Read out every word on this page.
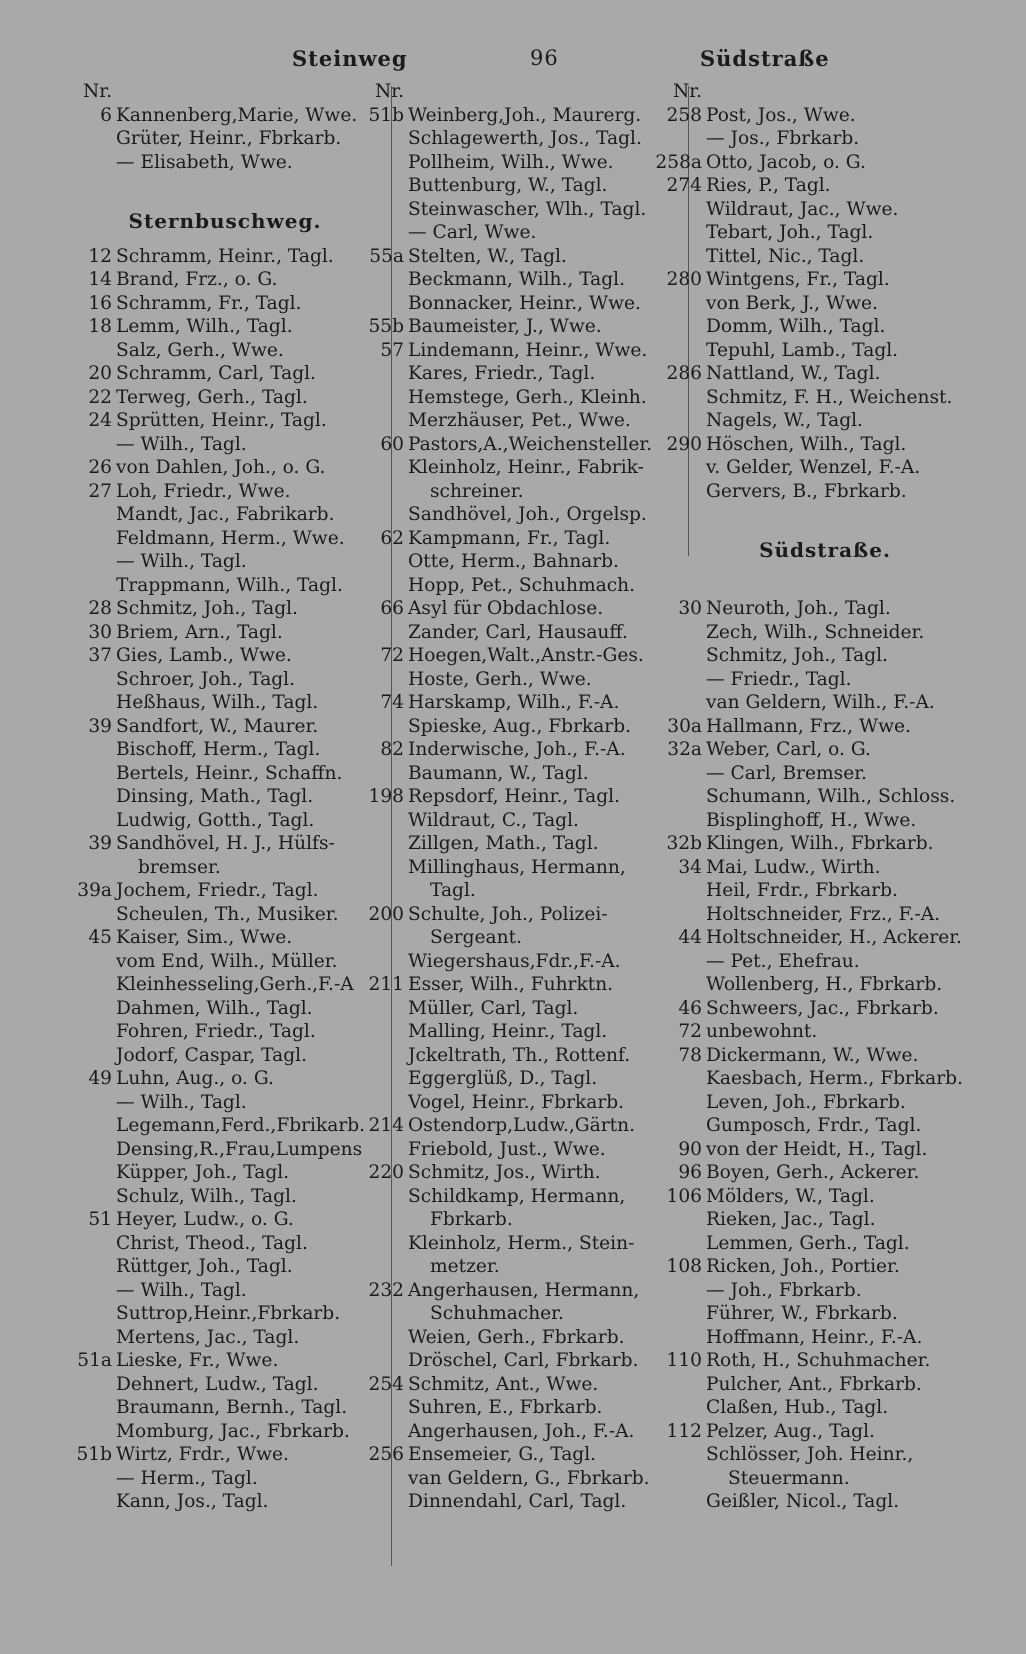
Steinweg	96	Südstraße
Nr.
6 Kannenberg,Marie, Wwe.
Grüter, Heinr., Fbrkarb.
— Elisabeth, Wwe.
Sternbuschweg.
12 Schramm, Heinr., Tagl.
14 Brand, Frz., o. G.
16 Schramm, Fr., Tagl.
18 Lemm, Wilh., Tagl.
Salz, Gerh., Wwe.
20 Schramm, Carl, Tagl.
22 Terweg, Gerh., Tagl.
24 Sprütten, Heinr., Tagl.
— Wilh., Tagl.
26 von Dahlen, Joh., o. G.
27 Loh, Friedr., Wwe.
Mandt, Jac., Fabrikarb.
Feldmann, Herm., Wwe.
— Wilh., Tagl.
Trappmann, Wilh., Tagl.
28 Schmitz, Joh., Tagl.
30 Briem, Arn., Tagl.
37 Gies, Lamb., Wwe.
Schroer, Joh., Tagl.
Heßhaus, Wilh., Tagl.
39 Sandfort, W., Maurer.
Bischoff, Herm., Tagl.
Bertels, Heinr., Schaffn.
Dinsing, Math., Tagl.
Ludwig, Gotth., Tagl.
39 Sandhövel, H. J., Hülfs-
bremser.
39a Jochem, Friedr., Tagl.
Scheulen, Th., Musiker.
45 Kaiser, Sim., Wwe.
vom End, Wilh., Müller.
Kleinhesseling,Gerh.,F.-A
Dahmen, Wilh., Tagl.
Fohren, Friedr., Tagl.
Jodorf, Caspar, Tagl.
49 Luhn, Aug., o. G.
— Wilh., Tagl.
Legemann,Ferd.,Fbrikarb.
Densing,R.,Frau,Lumpens
Küpper, Joh., Tagl.
Schulz, Wilh., Tagl.
51 Heyer, Ludw., o. G.
Christ, Theod., Tagl.
Rüttger, Joh., Tagl.
— Wilh., Tagl.
Suttrop,Heinr.,Fbrkarb.
Mertens, Jac., Tagl.
51a Lieske, Fr., Wwe.
Dehnert, Ludw., Tagl.
Braumann, Bernh., Tagl.
Momburg, Jac., Fbrkarb.
51b Wirtz, Frdr., Wwe.
— Herm., Tagl.
Kann, Jos., Tagl.
Nr.
51b Weinberg,Joh., Maurerg.
Schlagewerth, Jos., Tagl.
Pollheim, Wilh., Wwe.
Buttenburg, W., Tagl.
Steinwascher, Wlh., Tagl.
— Carl, Wwe.
55a Stelten, W., Tagl.
Beckmann, Wilh., Tagl.
Bonnacker, Heinr., Wwe.
55b Baumeister, J., Wwe.
57 Lindemann, Heinr., Wwe.
Kares, Friedr., Tagl.
Hemstege, Gerh., Kleinh.
Merzhäuser, Pet., Wwe.
60 Pastors,A.,Weichensteller.
Kleinholz, Heinr., Fabrik-
schreiner.
Sandhövel, Joh., Orgelsp.
62 Kampmann, Fr., Tagl.
Otte, Herm., Bahnarb.
Hopp, Pet., Schuhmach.
66 Asyl für Obdachlose.
Zander, Carl, Hausauff.
72 Hoegen,Walt.,Anstr.-Ges.
Hoste, Gerh., Wwe.
74 Harskamp, Wilh., F.-A.
Spieske, Aug., Fbrkarb.
82 Inderwische, Joh., F.-A.
Baumann, W., Tagl.
198 Repsdorf, Heinr., Tagl.
Wildraut, C., Tagl.
Zillgen, Math., Tagl.
Millinghaus, Hermann,
Tagl.
200 Schulte, Joh., Polizei-
Sergeant.
Wiegershaus,Fdr.,F.-A.
211 Esser, Wilh., Fuhrktn.
Müller, Carl, Tagl.
Malling, Heinr., Tagl.
Jckeltrath, Th., Rottenf.
Eggerglüß, D., Tagl.
Vogel, Heinr., Fbrkarb.
214 Ostendorp,Ludw.,Gärtn.
Friebold, Just., Wwe.
220 Schmitz, Jos., Wirth.
Schildkamp, Hermann,
Fbrkarb.
Kleinholz, Herm., Stein-
metzer.
232 Angerhausen, Hermann,
Schuhmacher.
Weien, Gerh., Fbrkarb.
Dröschel, Carl, Fbrkarb.
254 Schmitz, Ant., Wwe.
Suhren, E., Fbrkarb.
Angerhausen, Joh., F.-A.
256 Ensemeier, G., Tagl.
van Geldern, G., Fbrkarb.
Dinnendahl, Carl, Tagl.
Nr.
258 Post, Jos., Wwe.
— Jos., Fbrkarb.
258a Otto, Jacob, o. G.
274 Ries, P., Tagl.
Wildraut, Jac., Wwe.
Tebart, Joh., Tagl.
Tittel, Nic., Tagl.
280 Wintgens, Fr., Tagl.
von Berk, J., Wwe.
Domm, Wilh., Tagl.
Tepuhl, Lamb., Tagl.
286 Nattland, W., Tagl.
Schmitz, F. H., Weichenst.
Nagels, W., Tagl.
290 Höschen, Wilh., Tagl.
v. Gelder, Wenzel, F.-A.
Gervers, B., Fbrkarb.
Südstraße.
30 Neuroth, Joh., Tagl.
Zech, Wilh., Schneider.
Schmitz, Joh., Tagl.
— Friedr., Tagl.
van Geldern, Wilh., F.-A.
30a Hallmann, Frz., Wwe.
32a Weber, Carl, o. G.
— Carl, Bremser.
Schumann, Wilh., Schloss.
Bisplinghoff, H., Wwe.
32b Klingen, Wilh., Fbrkarb.
34 Mai, Ludw., Wirth.
Heil, Frdr., Fbrkarb.
Holtschneider, Frz., F.-A.
44 Holtschneider, H., Ackerer.
— Pet., Ehefrau.
Wollenberg, H., Fbrkarb.
46 Schweers, Jac., Fbrkarb.
72 unbewohnt.
78 Dickermann, W., Wwe.
Kaesbach, Herm., Fbrkarb.
Leven, Joh., Fbrkarb.
Gumposch, Frdr., Tagl.
90 von der Heidt, H., Tagl.
96 Boyen, Gerh., Ackerer.
106 Mölders, W., Tagl.
Rieken, Jac., Tagl.
Lemmen, Gerh., Tagl.
108 Ricken, Joh., Portier.
— Joh., Fbrkarb.
Führer, W., Fbrkarb.
Hoffmann, Heinr., F.-A.
110 Roth, H., Schuhmacher.
Pulcher, Ant., Fbrkarb.
Claßen, Hub., Tagl.
112 Pelzer, Aug., Tagl.
Schlösser, Joh. Heinr.,
Steuermann.
Geißler, Nicol., Tagl.
